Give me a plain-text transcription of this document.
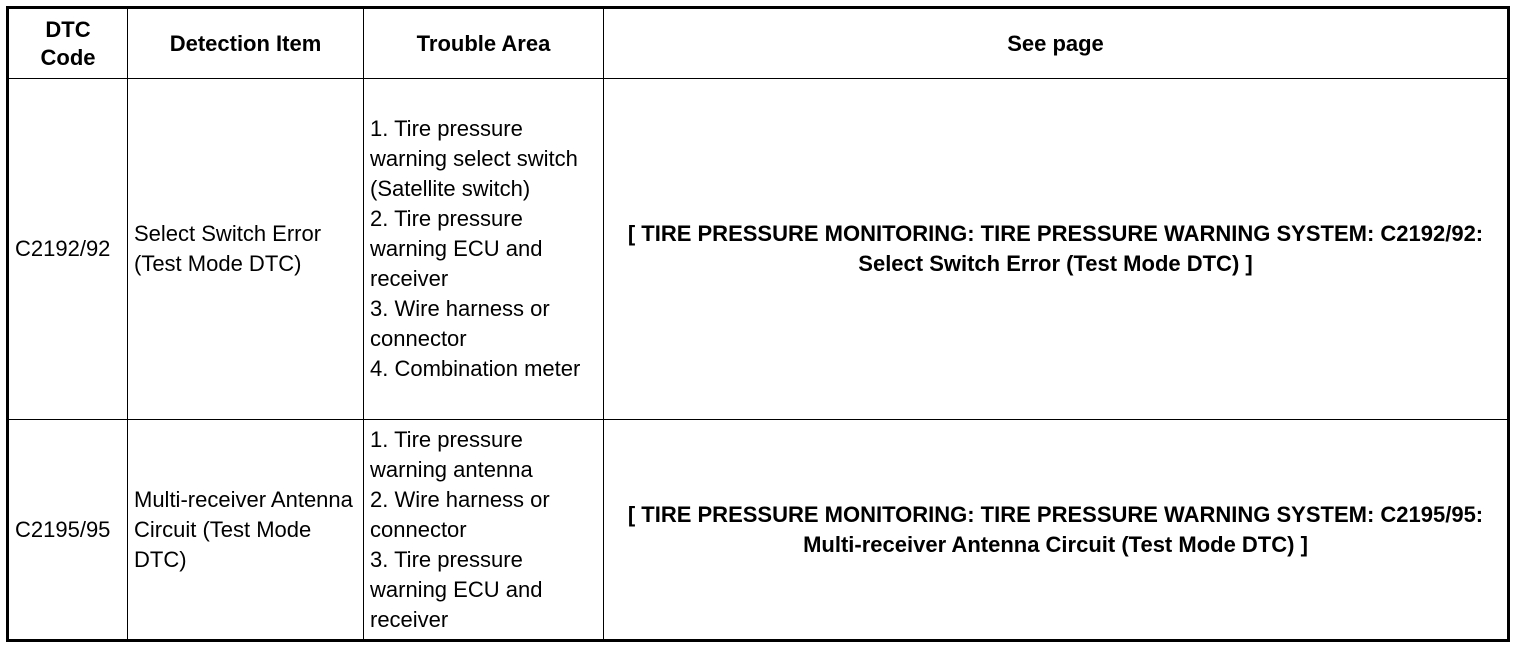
DTC Code	Detection Item	Trouble Area	See page
C2192/92	Select Switch Error (Test Mode DTC)	1. Tire pressure warning select switch (Satellite switch)
2. Tire pressure warning ECU and receiver
3. Wire harness or connector
4. Combination meter	[ TIRE PRESSURE MONITORING: TIRE PRESSURE WARNING SYSTEM: C2192/92: Select Switch Error (Test Mode DTC) ]
C2195/95	Multi-receiver Antenna Circuit (Test Mode DTC)	1. Tire pressure warning antenna
2. Wire harness or connector
3. Tire pressure warning ECU and receiver	[ TIRE PRESSURE MONITORING: TIRE PRESSURE WARNING SYSTEM: C2195/95: Multi-receiver Antenna Circuit (Test Mode DTC) ]
